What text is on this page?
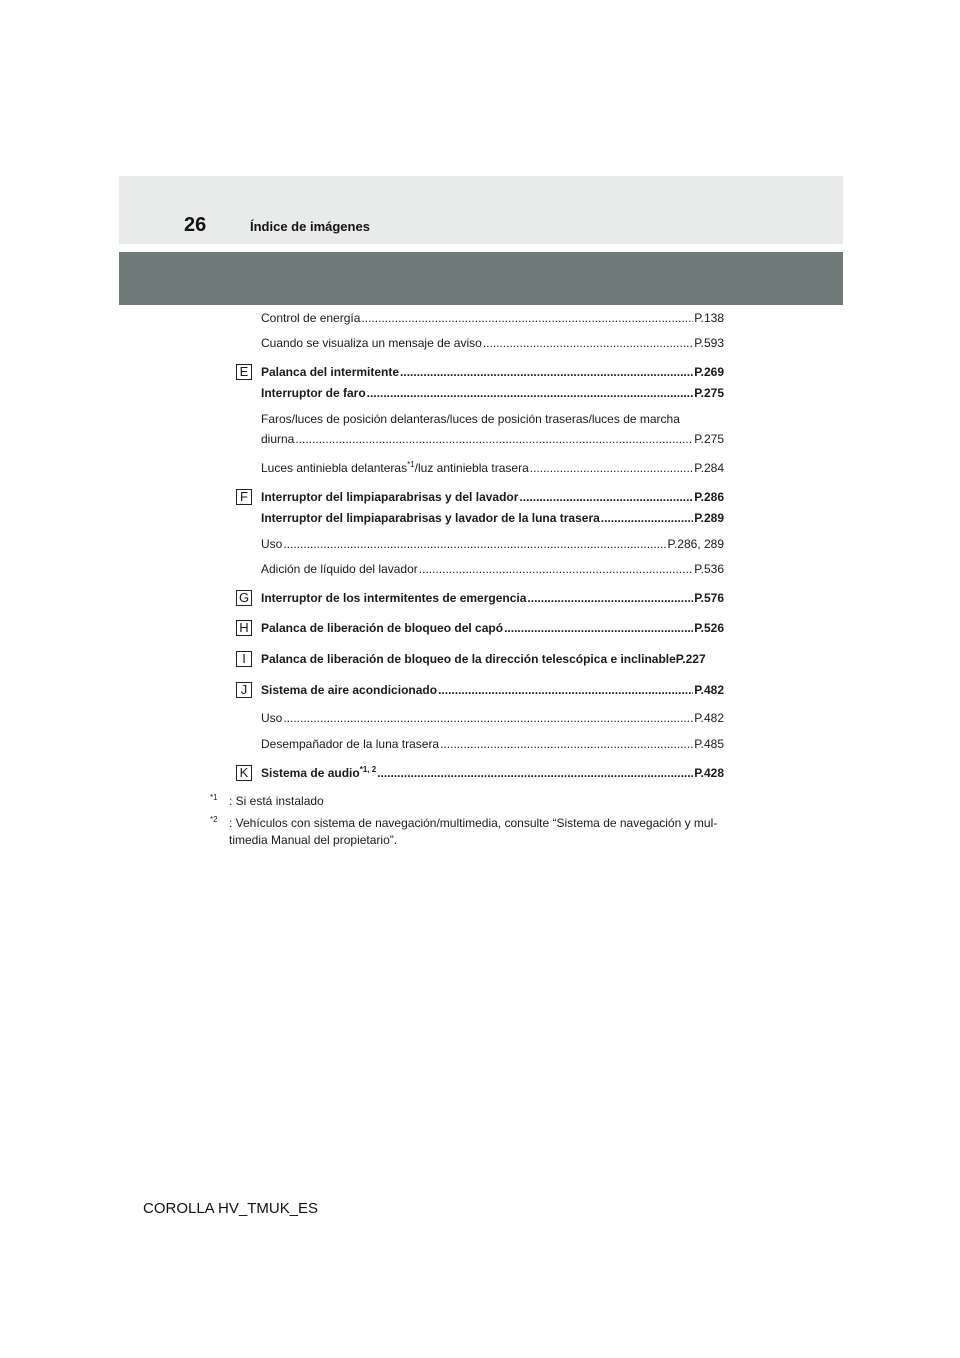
26	Índice de imágenes
Control de energía .....	P.138
Cuando se visualiza un mensaje de aviso .....	P.593
E	Palanca del intermitente .....	P.269
Interruptor de faro .....	P.275
Faros/luces de posición delanteras/luces de posición traseras/luces de marcha
diurna .....	P.275
Luces antiniebla delanteras$^{*1}$/luz antiniebla trasera .....	P.284
F	Interruptor del limpiaparabrisas y del lavador .....	P.286
Interruptor del limpiaparabrisas y lavador de la luna trasera .....	P.289
Uso .....	P.286, 289
Adición de líquido del lavador .....	P.536
G Interruptor de los intermitentes de emergencia .....	P.576
H Palanca de liberación de bloqueo del capó .....	P.526
I	Palanca de liberación de bloqueo de la dirección telescópica e inclinableP.227
J	Sistema de aire acondicionado .....	P.482
Uso .....	P.482
Desempañador de la luna trasera .....	P.485
K	Sistema de audio$^{*1, 2}$ .....	P.428
$^{*1}$ : Si está instalado
$^{*2}$ : Vehículos con sistema de navegación/multimedia, consulte “Sistema de navegación y mul-
timedia Manual del propietario”.
COROLLA HV_TMUK_ES
